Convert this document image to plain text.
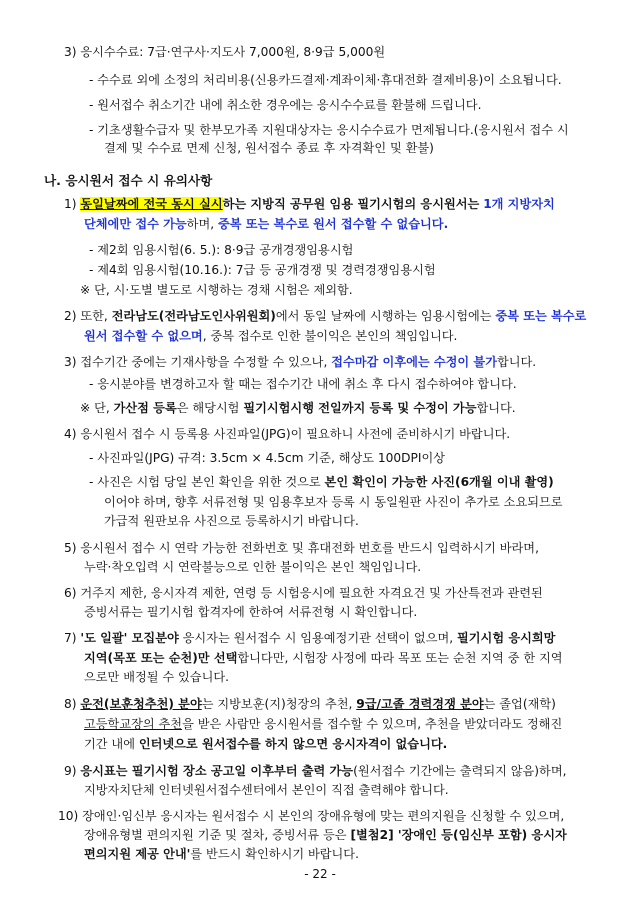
3) 응시수수료: 7급·연구사·지도사 7,000원, 8·9급 5,000원
- 수수료 외에 소정의 처리비용(신용카드결제·계좌이체·휴대전화 결제비용)이 소요됩니다.
- 원서접수 취소기간 내에 취소한 경우에는 응시수수료를 환불해 드립니다.
- 기초생활수급자 및 한부모가족 지원대상자는 응시수수료가 면제됩니다.(응시원서 접수 시
결제 및 수수료 면제 신청, 원서접수 종료 후 자격확인 및 환불)
나. 응시원서 접수 시 유의사항
1) 동일날짜에 전국 동시 실시하는 지방직 공무원 임용 필기시험의 응시원서는 1개 지방자치
단체에만 접수 가능하며, 중복 또는 복수로 원서 접수할 수 없습니다.
- 제2회 임용시험(6. 5.): 8·9급 공개경쟁임용시험
- 제4회 임용시험(10.16.): 7급 등 공개경쟁 및 경력경쟁임용시험
※ 단, 시·도별 별도로 시행하는 경채 시험은 제외함.
2) 또한, 전라남도(전라남도인사위원회)에서 동일 날짜에 시행하는 임용시험에는 중복 또는 복수로
원서 접수할 수 없으며, 중복 접수로 인한 불이익은 본인의 책임입니다.
3) 접수기간 중에는 기재사항을 수정할 수 있으나, 접수마감 이후에는 수정이 불가합니다.
- 응시분야를 변경하고자 할 때는 접수기간 내에 취소 후 다시 접수하여야 합니다.
※ 단, 가산점 등록은 해당시험 필기시험시행 전일까지 등록 및 수정이 가능합니다.
4) 응시원서 접수 시 등록용 사진파일(JPG)이 필요하니 사전에 준비하시기 바랍니다.
- 사진파일(JPG) 규격: 3.5cm × 4.5cm 기준, 해상도 100DPI이상
- 사진은 시험 당일 본인 확인을 위한 것으로 본인 확인이 가능한 사진(6개월 이내 촬영)
이어야 하며, 향후 서류전형 및 임용후보자 등록 시 동일원판 사진이 추가로 소요되므로
가급적 원판보유 사진으로 등록하시기 바랍니다.
5) 응시원서 접수 시 연락 가능한 전화번호 및 휴대전화 번호를 반드시 입력하시기 바라며,
누락·착오입력 시 연락불능으로 인한 불이익은 본인 책임입니다.
6) 거주지 제한, 응시자격 제한, 연령 등 시험응시에 필요한 자격요건 및 가산특전과 관련된
증빙서류는 필기시험 합격자에 한하여 서류전형 시 확인합니다.
7) '도 일괄' 모집분야 응시자는 원서접수 시 임용예정기관 선택이 없으며, 필기시험 응시희망
지역(목포 또는 순천)만 선택합니다만, 시험장 사정에 따라 목포 또는 순천 지역 중 한 지역
으로만 배정될 수 있습니다.
8) 운전(보훈청추천) 분야는 지방보훈(지)청장의 추천, 9급/고졸 경력경쟁 분야는 졸업(재학)
고등학교장의 추천을 받은 사람만 응시원서를 접수할 수 있으며, 추천을 받았더라도 정해진
기간 내에 인터넷으로 원서접수를 하지 않으면 응시자격이 없습니다.
9) 응시표는 필기시험 장소 공고일 이후부터 출력 가능(원서접수 기간에는 출력되지 않음)하며,
지방자치단체 인터넷원서접수센터에서 본인이 직접 출력해야 합니다.
10) 장애인·임신부 응시자는 원서접수 시 본인의 장애유형에 맞는 편의지원을 신청할 수 있으며,
장애유형별 편의지원 기준 및 절차, 증빙서류 등은 [별첨2] '장애인 등(임신부 포함) 응시자
편의지원 제공 안내'를 반드시 확인하시기 바랍니다.
- 22 -
